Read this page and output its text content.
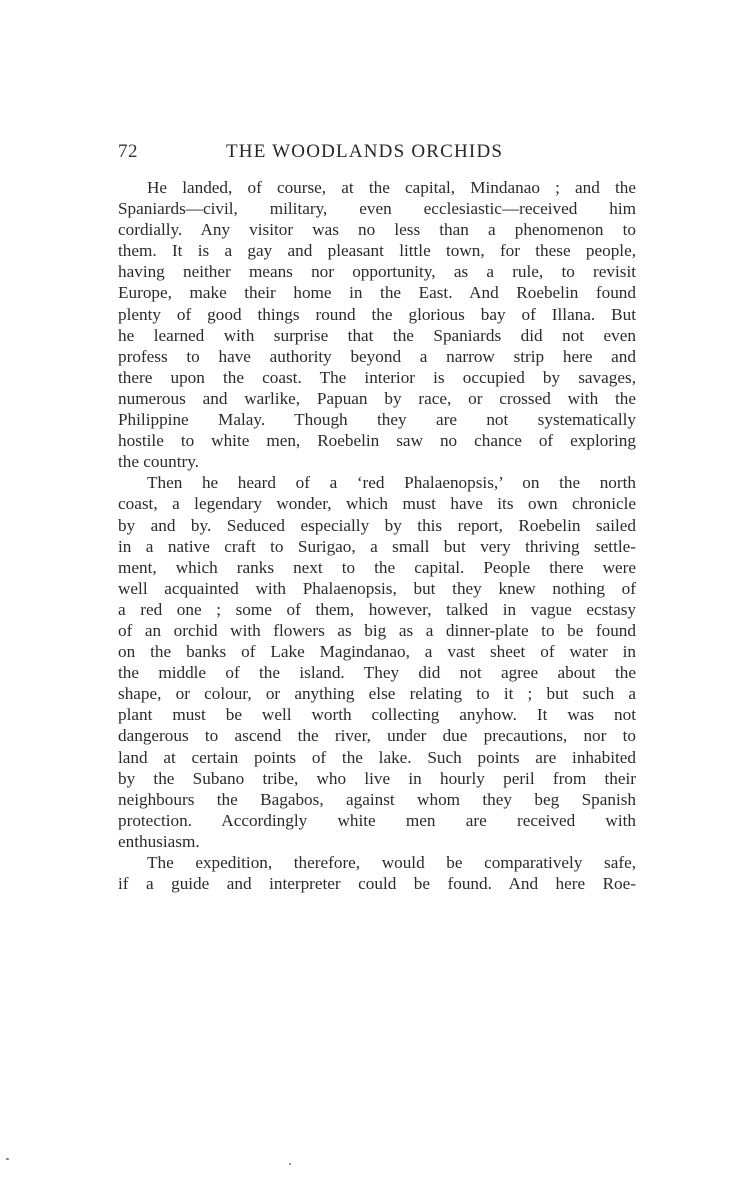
72	THE WOODLANDS ORCHIDS
He landed, of course, at the capital, Mindanao ; and the
Spaniards—civil, military, even ecclesiastic—received him
cordially. Any visitor was no less than a phenomenon to
them. It is a gay and pleasant little town, for these people,
having neither means nor opportunity, as a rule, to revisit
Europe, make their home in the East. And Roebelin found
plenty of good things round the glorious bay of Illana. But
he learned with surprise that the Spaniards did not even
profess to have authority beyond a narrow strip here and
there upon the coast. The interior is occupied by savages,
numerous and warlike, Papuan by race, or crossed with the
Philippine Malay. Though they are not systematically
hostile to white men, Roebelin saw no chance of exploring
the country.
Then he heard of a ‘red Phalaenopsis,’ on the north
coast, a legendary wonder, which must have its own chronicle
by and by. Seduced especially by this report, Roebelin sailed
in a native craft to Surigao, a small but very thriving settle-
ment, which ranks next to the capital. People there were
well acquainted with Phalaenopsis, but they knew nothing of
a red one ; some of them, however, talked in vague ecstasy
of an orchid with flowers as big as a dinner-plate to be found
on the banks of Lake Magindanao, a vast sheet of water in
the middle of the island. They did not agree about the
shape, or colour, or anything else relating to it ; but such a
plant must be well worth collecting anyhow. It was not
dangerous to ascend the river, under due precautions, nor to
land at certain points of the lake. Such points are inhabited
by the Subano tribe, who live in hourly peril from their
neighbours the Bagabos, against whom they beg Spanish
protection. Accordingly white men are received with
enthusiasm.
The expedition, therefore, would be comparatively safe,
if a guide and interpreter could be found. And here Roe-
